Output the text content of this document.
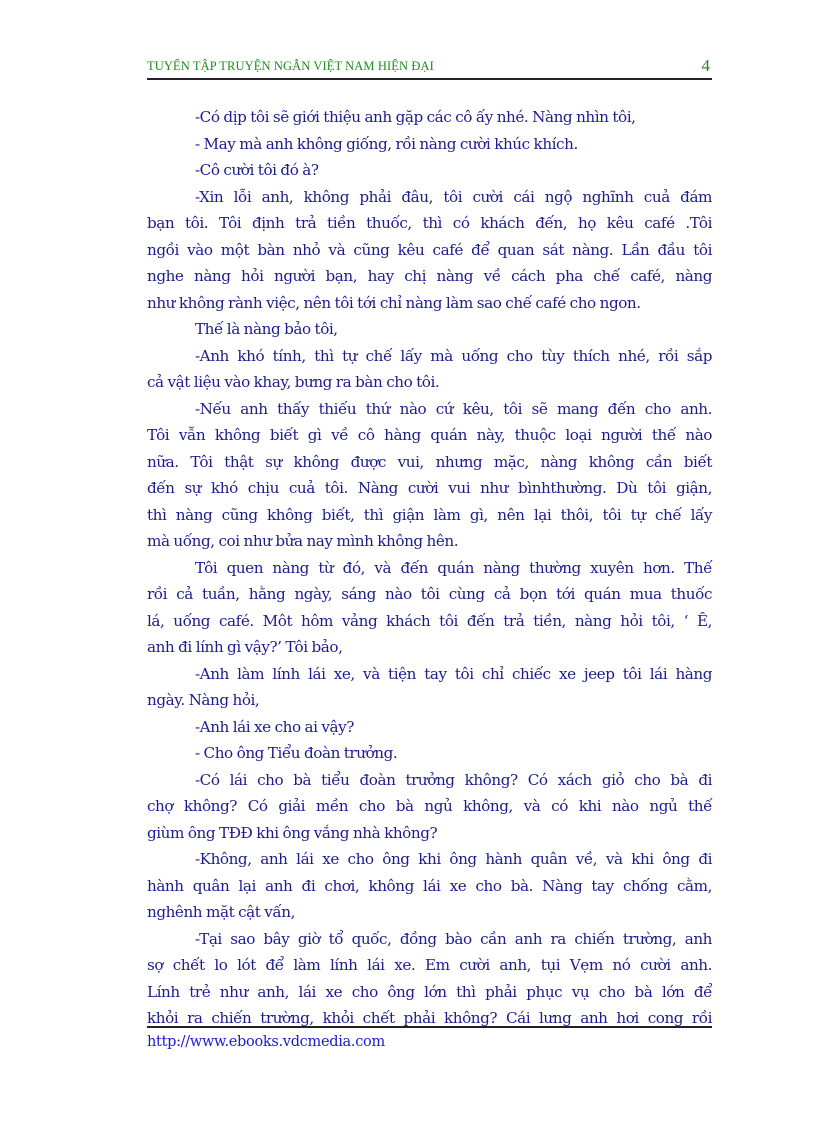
TUYỂN TẬP TRUYỆN NGẮN VIỆT NAM HIỆN ĐẠI	4
-Có dịp tôi sẽ giới thiệu anh gặp các cô ấy nhé. Nàng nhìn tôi,
- May mà anh không giống, rồi nàng cười khúc khích.
-Cô cười tôi đó à?
-Xin lỗi anh, không phải đâu, tôi cười cái ngộ nghĩnh cuả đám
bạn tôi. Tôi định trả tiền thuốc, thì có khách đến, họ kêu café .Tôi
ngồi vào một bàn nhỏ và cũng kêu café để quan sát nàng. Lần đầu tôi
nghe nàng hỏi người bạn, hay chị nàng về cách pha chế café, nàng
như không rành việc, nên tôi tới chỉ nàng làm sao chế café cho ngon.
Thế là nàng bảo tôi,
-Anh khó tính, thì tự chế lấy mà uống cho tùy thích nhé, rồi sắp
cả vật liệu vào khay, bưng ra bàn cho tôi.
-Nếu anh thấy thiếu thứ nào cứ kêu, tôi sẽ mang đến cho anh.
Tôi vẫn không biết gì về cô hàng quán này, thuộc loại người thế nào
nữa. Tôi thật sự không được vui, nhưng mặc, nàng không cần biết
đến sự khó chịu cuả tôi. Nàng cười vui như bìnhthường. Dù tôi giận,
thì nàng cũng không biết, thì giận làm gì, nên lại thôi, tôi tự chế lấy
mà uống, coi như bửa nay mình không hên.
Tôi quen nàng từ đó, và đến quán nàng thường xuyên hơn. Thế
rồi cả tuần, hằng ngày, sáng nào tôi cùng cả bọn tới quán mua thuốc
lá, uống café. Môt hôm vảng khách tôi đến trả tiền, nàng hỏi tôi, ‘ Ê,
anh đi lính gì vậy?’ Tôi bảo,
-Anh làm lính lái xe, và tiện tay tôi chỉ chiếc xe jeep tôi lái hàng
ngày. Nàng hỏi,
-Anh lái xe cho ai vậy?
- Cho ông Tiểu đoàn trưởng.
-Có lái cho bà tiểu đoàn trưởng không? Có xách giỏ cho bà đi
chợ không? Có giải mền cho bà ngủ không, và có khi nào ngủ thế
giùm ông TĐĐ khi ông vắng nhà không?
-Không, anh lái xe cho ông khi ông hành quân về, và khi ông đi
hành quân lại anh đi chơi, không lái xe cho bà. Nàng tay chống cằm,
nghênh mặt cật vấn,
-Tại sao bây giờ tổ quốc, đồng bào cần anh ra chiến trường, anh
sợ chết lo lót để làm lính lái xe. Em cười anh, tụi Vẹm nó cười anh.
Lính trẻ như anh, lái xe cho ông lớn thì phải phục vụ cho bà lớn để
khỏi ra chiến trường, khỏi chết phải không? Cái lưng anh hơi cong rồi
http://www.ebooks.vdcmedia.com
